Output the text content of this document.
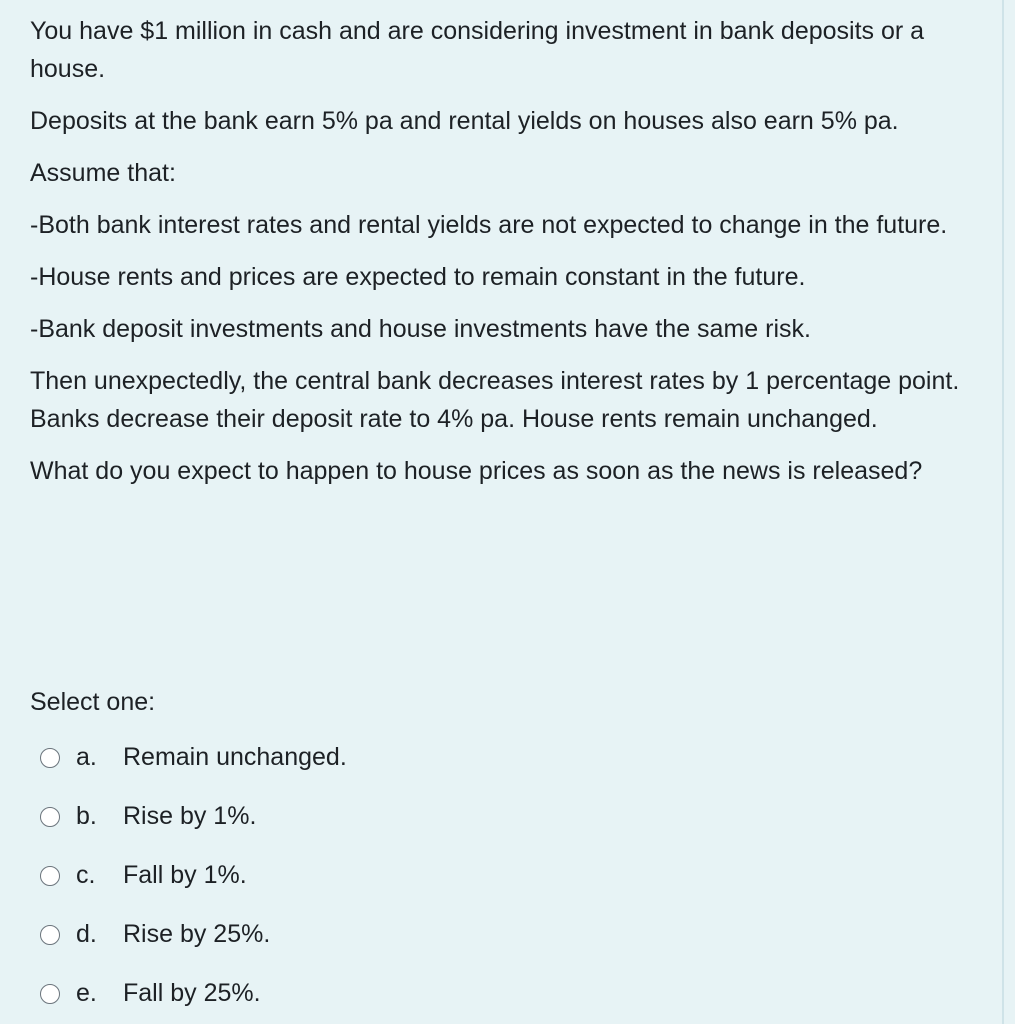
You have $1 million in cash and are considering investment in bank deposits or a house.

Deposits at the bank earn 5% pa and rental yields on houses also earn 5% pa.

Assume that:

-Both bank interest rates and rental yields are not expected to change in the future.

-House rents and prices are expected to remain constant in the future.

-Bank deposit investments and house investments have the same risk.

Then unexpectedly, the central bank decreases interest rates by 1 percentage point. Banks decrease their deposit rate to 4% pa. House rents remain unchanged.

What do you expect to happen to house prices as soon as the news is released?

Select one:
a.	Remain unchanged.
b.	Rise by 1%.
c.	Fall by 1%.
d.	Rise by 25%.
e.	Fall by 25%.
